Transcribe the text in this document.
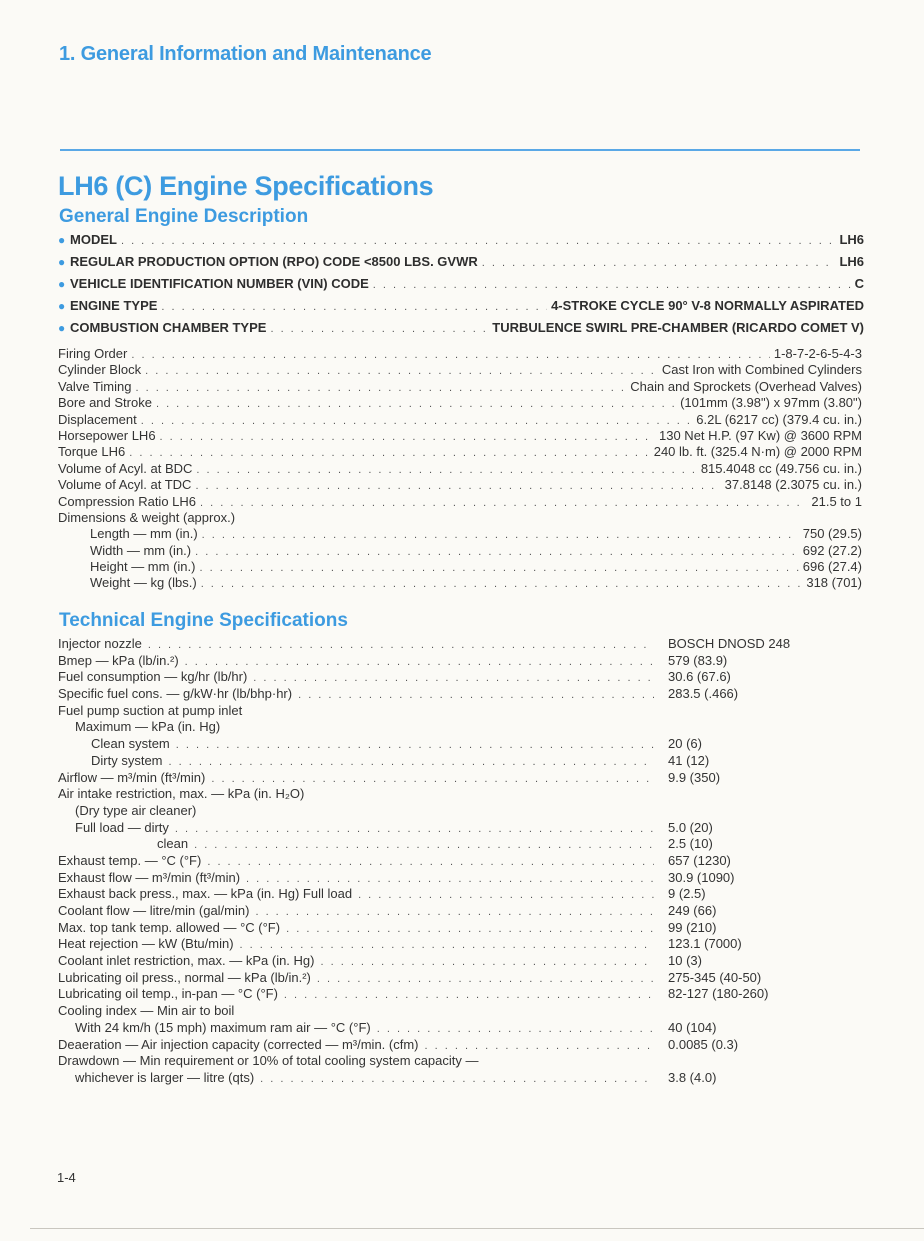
1. General Information and Maintenance
LH6 (C) Engine Specifications
General Engine Description
● MODEL . . .	LH6
● REGULAR PRODUCTION OPTION (RPO) CODE <8500 LBS. GVWR . . .	LH6
● VEHICLE IDENTIFICATION NUMBER (VIN) CODE . . .	C
● ENGINE TYPE . . .	4-STROKE CYCLE 90° V-8 NORMALLY ASPIRATED
● COMBUSTION CHAMBER TYPE . . .	TURBULENCE SWIRL PRE-CHAMBER (RICARDO COMET V)
Firing Order . . .	1-8-7-2-6-5-4-3
Cylinder Block . . .	Cast Iron with Combined Cylinders
Valve Timing . . .	Chain and Sprockets (Overhead Valves)
Bore and Stroke . . .	(101mm (3.98") x 97mm (3.80")
Displacement . . .	6.2L (6217 cc) (379.4 cu. in.)
Horsepower LH6 . . .	130 Net H.P. (97 Kw) @ 3600 RPM
Torque LH6 . . .	240 lb. ft. (325.4 N·m) @ 2000 RPM
Volume of Acyl. at BDC . . .	815.4048 cc (49.756 cu. in.)
Volume of Acyl. at TDC . . .	37.8148 (2.3075 cu. in.)
Compression Ratio LH6 . . .	21.5 to 1
Dimensions & weight (approx.)
Length — mm (in.) . . .	750 (29.5)
Width — mm (in.) . . .	692 (27.2)
Height — mm (in.) . . .	696 (27.4)
Weight — kg (lbs.) . . .	318 (701)
Technical Engine Specifications
Injector nozzle . . .	BOSCH DNOSD 248
Bmep — kPa (lb/in.²) . . .	579 (83.9)
Fuel consumption — kg/hr (lb/hr) . . .	30.6 (67.6)
Specific fuel cons. — g/kW·hr (lb/bhp·hr) . . .	283.5 (.466)
Fuel pump suction at pump inlet
Maximum — kPa (in. Hg)
Clean system . . .	20 (6)
Dirty system . . .	41 (12)
Airflow — m³/min (ft³/min) . . .	9.9 (350)
Air intake restriction, max. — kPa (in. H₂O)
(Dry type air cleaner)
Full load — dirty . . .	5.0 (20)
clean . . .	2.5 (10)
Exhaust temp. — °C (°F) . . .	657 (1230)
Exhaust flow — m³/min (ft³/min) . . .	30.9 (1090)
Exhaust back press., max. — kPa (in. Hg) Full load . . .	9 (2.5)
Coolant flow — litre/min (gal/min) . . .	249 (66)
Max. top tank temp. allowed — °C (°F) . . .	99 (210)
Heat rejection — kW (Btu/min) . . .	123.1 (7000)
Coolant inlet restriction, max. — kPa (in. Hg) . . .	10 (3)
Lubricating oil press., normal — kPa (lb/in.²) . . .	275-345 (40-50)
Lubricating oil temp., in-pan — °C (°F) . . .	82-127 (180-260)
Cooling index — Min air to boil
With 24 km/h (15 mph) maximum ram air — °C (°F) . . .	40 (104)
Deaeration — Air injection capacity (corrected — m³/min. (cfm) . . .	0.0085 (0.3)
Drawdown — Min requirement or 10% of total cooling system capacity —
whichever is larger — litre (qts) . . .	3.8 (4.0)
1-4
